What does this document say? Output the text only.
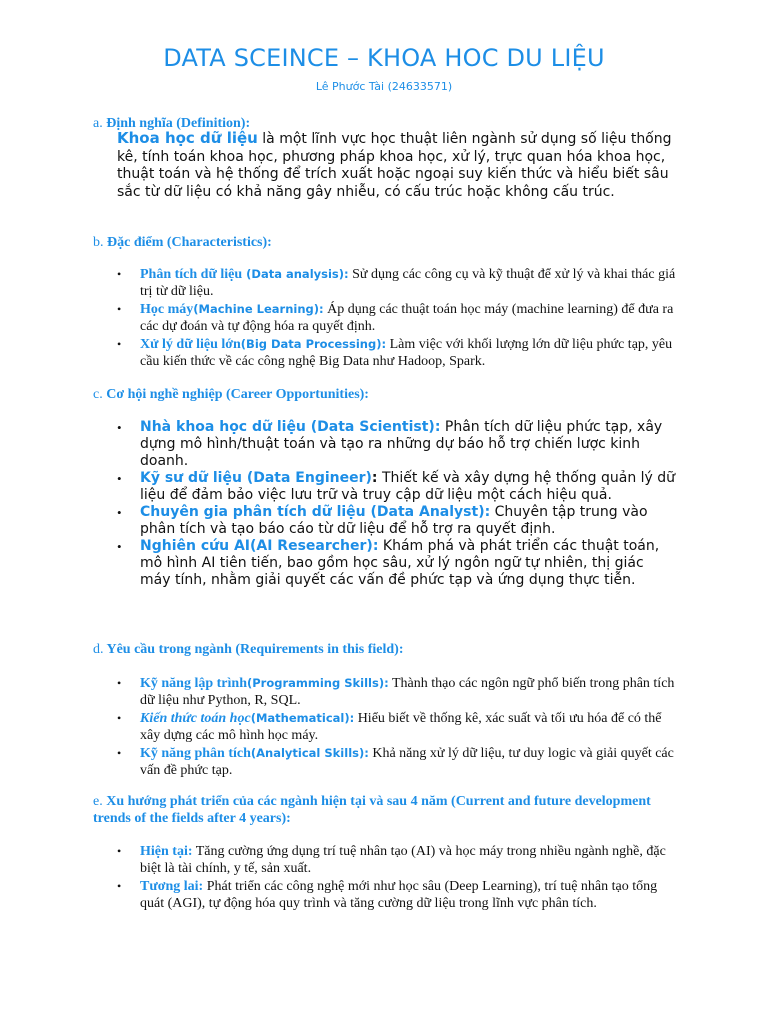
DATA SCEINCE – KHOA HOC DU LIỆU
Lê Phước Tài (24633571)
a. Định nghĩa (Definition):
Khoa học dữ liệu là một lĩnh vực học thuật liên ngành sử dụng số liệu thống kê, tính toán khoa học, phương pháp khoa học, xử lý, trực quan hóa khoa học, thuật toán và hệ thống để trích xuất hoặc ngoại suy kiến thức và hiểu biết sâu sắc từ dữ liệu có khả năng gây nhiễu, có cấu trúc hoặc không cấu trúc.
b. Đặc điểm (Characteristics):
• Phân tích dữ liệu (Data analysis): Sử dụng các công cụ và kỹ thuật để xử lý và khai thác giá trị từ dữ liệu.
• Học máy(Machine Learning): Áp dụng các thuật toán học máy (machine learning) để đưa ra các dự đoán và tự động hóa ra quyết định.
• Xử lý dữ liệu lớn(Big Data Processing): Làm việc với khối lượng lớn dữ liệu phức tạp, yêu cầu kiến thức về các công nghệ Big Data như Hadoop, Spark.
c. Cơ hội nghề nghiệp (Career Opportunities):
• Nhà khoa học dữ liệu (Data Scientist): Phân tích dữ liệu phức tạp, xây dựng mô hình/thuật toán và tạo ra những dự báo hỗ trợ chiến lược kinh doanh.
• Kỹ sư dữ liệu (Data Engineer): Thiết kế và xây dựng hệ thống quản lý dữ liệu để đảm bảo việc lưu trữ và truy cập dữ liệu một cách hiệu quả.
• Chuyên gia phân tích dữ liệu (Data Analyst): Chuyên tập trung vào phân tích và tạo báo cáo từ dữ liệu để hỗ trợ ra quyết định.
• Nghiên cứu AI(AI Researcher): Khám phá và phát triển các thuật toán, mô hình AI tiên tiến, bao gồm học sâu, xử lý ngôn ngữ tự nhiên, thị giác máy tính, nhằm giải quyết các vấn đề phức tạp và ứng dụng thực tiễn.
d. Yêu cầu trong ngành (Requirements in this field):
• Kỹ năng lập trình(Programming Skills): Thành thạo các ngôn ngữ phổ biến trong phân tích dữ liệu như Python, R, SQL.
• Kiến thức toán học(Mathematical): Hiểu biết về thống kê, xác suất và tối ưu hóa để có thể xây dựng các mô hình học máy.
• Kỹ năng phân tích(Analytical Skills): Khả năng xử lý dữ liệu, tư duy logic và giải quyết các vấn đề phức tạp.
e. Xu hướng phát triển của các ngành hiện tại và sau 4 năm (Current and future development trends of the fields after 4 years):
• Hiện tại: Tăng cường ứng dụng trí tuệ nhân tạo (AI) và học máy trong nhiều ngành nghề, đặc biệt là tài chính, y tế, sản xuất.
• Tương lai: Phát triển các công nghệ mới như học sâu (Deep Learning), trí tuệ nhân tạo tổng quát (AGI), tự động hóa quy trình và tăng cường dữ liệu trong lĩnh vực phân tích.
